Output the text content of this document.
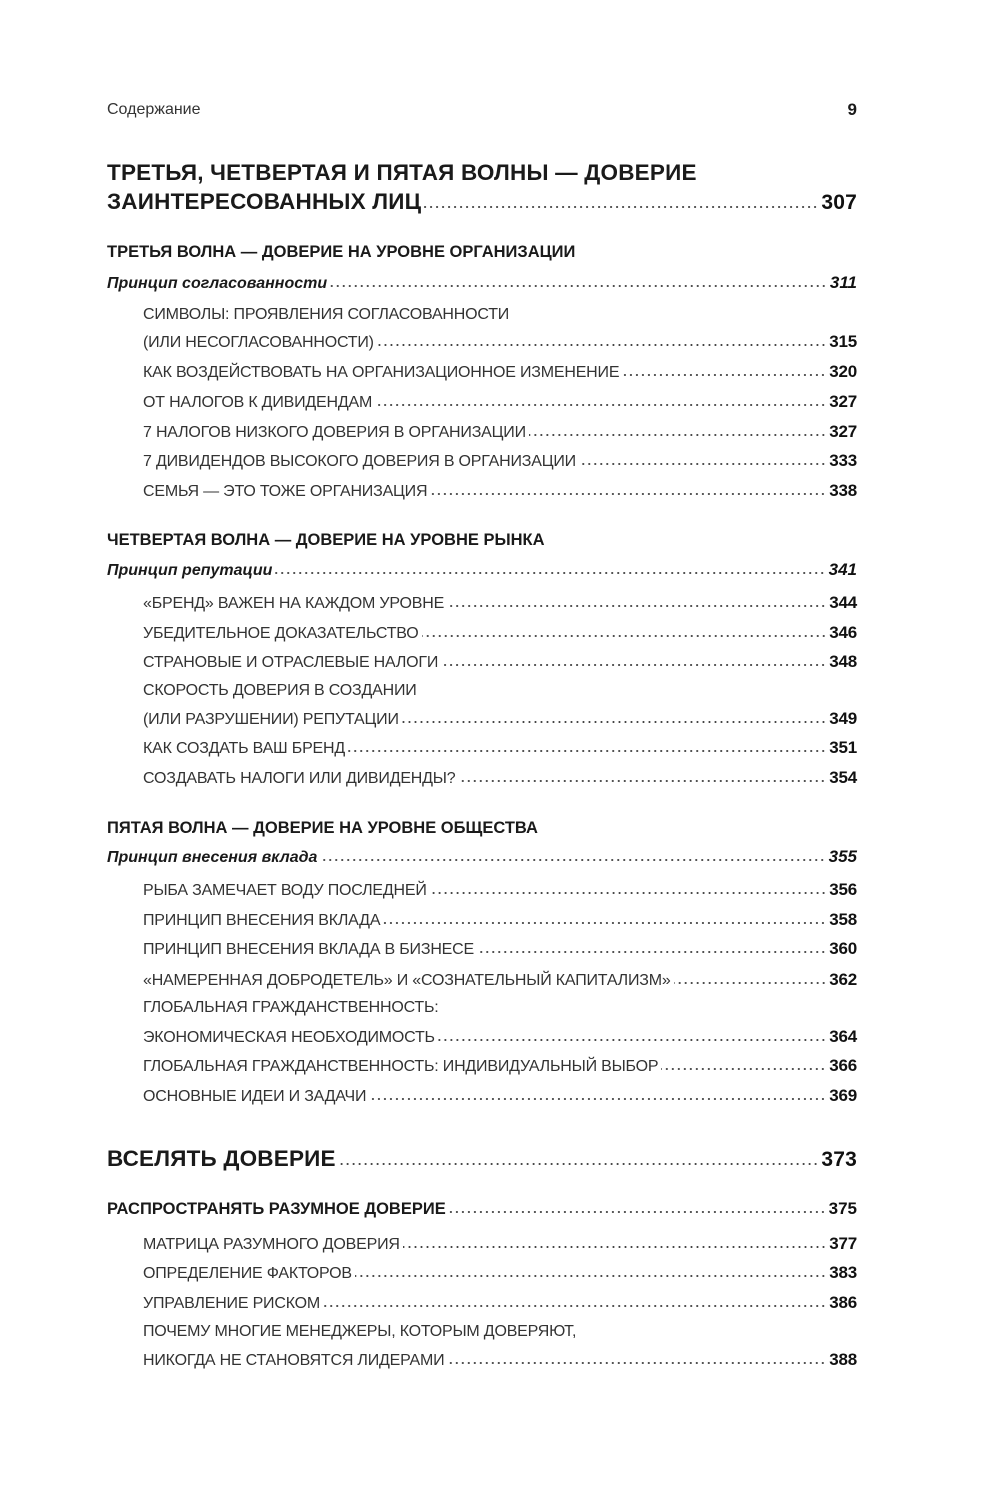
Содержание	9
ТРЕТЬЯ, ЧЕТВЕРТАЯ И ПЯТАЯ ВОЛНЫ — ДОВЕРИЕ
ЗАИНТЕРЕСОВАННЫХ ЛИЦ	307
ТРЕТЬЯ ВОЛНА — ДОВЕРИЕ НА УРОВНЕ ОРГАНИЗАЦИИ
Принцип согласованности	311
СИМВОЛЫ: ПРОЯВЛЕНИЯ СОГЛАСОВАННОСТИ
(ИЛИ НЕСОГЛАСОВАННОСТИ)	315
КАК ВОЗДЕЙСТВОВАТЬ НА ОРГАНИЗАЦИОННОЕ ИЗМЕНЕНИЕ	320
ОТ НАЛОГОВ К ДИВИДЕНДАМ	327
7 НАЛОГОВ НИЗКОГО ДОВЕРИЯ В ОРГАНИЗАЦИИ	327
7 ДИВИДЕНДОВ ВЫСОКОГО ДОВЕРИЯ В ОРГАНИЗАЦИИ	333
СЕМЬЯ — ЭТО ТОЖЕ ОРГАНИЗАЦИЯ	338
ЧЕТВЕРТАЯ ВОЛНА — ДОВЕРИЕ НА УРОВНЕ РЫНКА
Принцип репутации	341
«БРЕНД» ВАЖЕН НА КАЖДОМ УРОВНЕ	344
УБЕДИТЕЛЬНОЕ ДОКАЗАТЕЛЬСТВО	346
СТРАНОВЫЕ И ОТРАСЛЕВЫЕ НАЛОГИ	348
СКОРОСТЬ ДОВЕРИЯ В СОЗДАНИИ
(ИЛИ РАЗРУШЕНИИ) РЕПУТАЦИИ	349
КАК СОЗДАТЬ ВАШ БРЕНД	351
СОЗДАВАТЬ НАЛОГИ ИЛИ ДИВИДЕНДЫ?	354
ПЯТАЯ ВОЛНА — ДОВЕРИЕ НА УРОВНЕ ОБЩЕСТВА
Принцип внесения вклада	355
РЫБА ЗАМЕЧАЕТ ВОДУ ПОСЛЕДНЕЙ	356
ПРИНЦИП ВНЕСЕНИЯ ВКЛАДА	358
ПРИНЦИП ВНЕСЕНИЯ ВКЛАДА В БИЗНЕСЕ	360
«НАМЕРЕННАЯ ДОБРОДЕТЕЛЬ» И «СОЗНАТЕЛЬНЫЙ КАПИТАЛИЗМ»	362
ГЛОБАЛЬНАЯ ГРАЖДАНСТВЕННОСТЬ:
ЭКОНОМИЧЕСКАЯ НЕОБХОДИМОСТЬ	364
ГЛОБАЛЬНАЯ ГРАЖДАНСТВЕННОСТЬ: ИНДИВИДУАЛЬНЫЙ ВЫБОР	366
ОСНОВНЫЕ ИДЕИ И ЗАДАЧИ	369
ВСЕЛЯТЬ ДОВЕРИЕ	373
РАСПРОСТРАНЯТЬ РАЗУМНОЕ ДОВЕРИЕ	375
МАТРИЦА РАЗУМНОГО ДОВЕРИЯ	377
ОПРЕДЕЛЕНИЕ ФАКТОРОВ	383
УПРАВЛЕНИЕ РИСКОМ	386
ПОЧЕМУ МНОГИЕ МЕНЕДЖЕРЫ, КОТОРЫМ ДОВЕРЯЮТ,
НИКОГДА НЕ СТАНОВЯТСЯ ЛИДЕРАМИ	388
